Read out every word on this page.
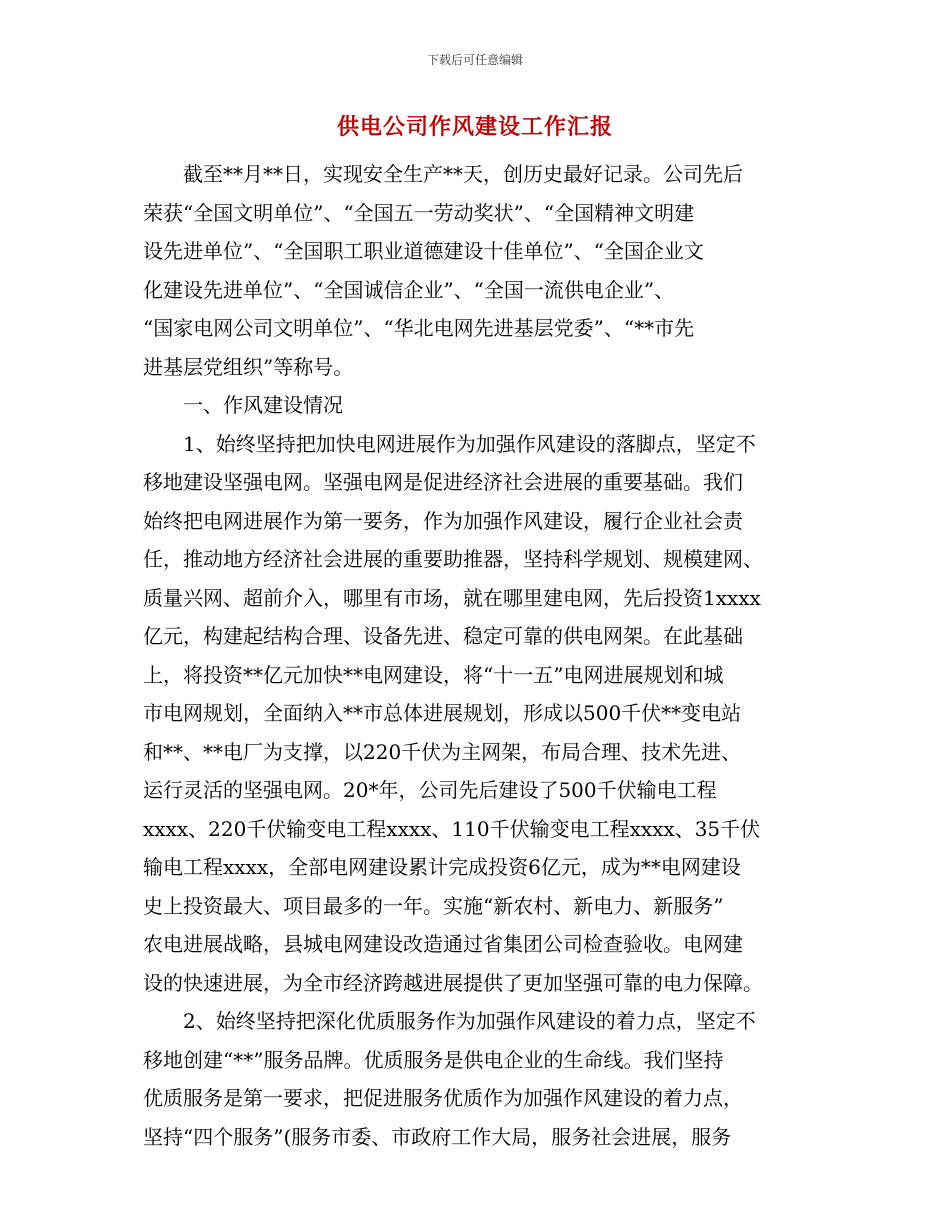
下载后可任意编辑
供电公司作风建设工作汇报
　　截至**月**日，实现安全生产**天，创历史最好记录。公司先后
荣获“全国文明单位”、“全国五一劳动奖状”、“全国精神文明建
设先进单位”、“全国职工职业道德建设十佳单位”、“全国企业文
化建设先进单位”、“全国诚信企业”、“全国一流供电企业”、
“国家电网公司文明单位”、“华北电网先进基层党委”、“**市先
进基层党组织”等称号。
　　一、作风建设情况
　　1、始终坚持把加快电网进展作为加强作风建设的落脚点，坚定不
移地建设坚强电网。坚强电网是促进经济社会进展的重要基础。我们
始终把电网进展作为第一要务，作为加强作风建设，履行企业社会责
任，推动地方经济社会进展的重要助推器，坚持科学规划、规模建网、
质量兴网、超前介入，哪里有市场，就在哪里建电网，先后投资1xxxx
亿元，构建起结构合理、设备先进、稳定可靠的供电网架。在此基础
上，将投资**亿元加快**电网建设，将“十一五”电网进展规划和城
市电网规划，全面纳入**市总体进展规划，形成以500千伏**变电站
和**、**电厂为支撑，以220千伏为主网架，布局合理、技术先进、
运行灵活的坚强电网。20*年，公司先后建设了500千伏输电工程
xxxx、220千伏输变电工程xxxx、110千伏输变电工程xxxx、35千伏
输电工程xxxx，全部电网建设累计完成投资6亿元，成为**电网建设
史上投资最大、项目最多的一年。实施“新农村、新电力、新服务”
农电进展战略，县城电网建设改造通过省集团公司检查验收。电网建
设的快速进展，为全市经济跨越进展提供了更加坚强可靠的电力保障。
　　2、始终坚持把深化优质服务作为加强作风建设的着力点，坚定不
移地创建“**”服务品牌。优质服务是供电企业的生命线。我们坚持
优质服务是第一要求，把促进服务优质作为加强作风建设的着力点，
坚持“四个服务”(服务市委、市政府工作大局，服务社会进展，服务
